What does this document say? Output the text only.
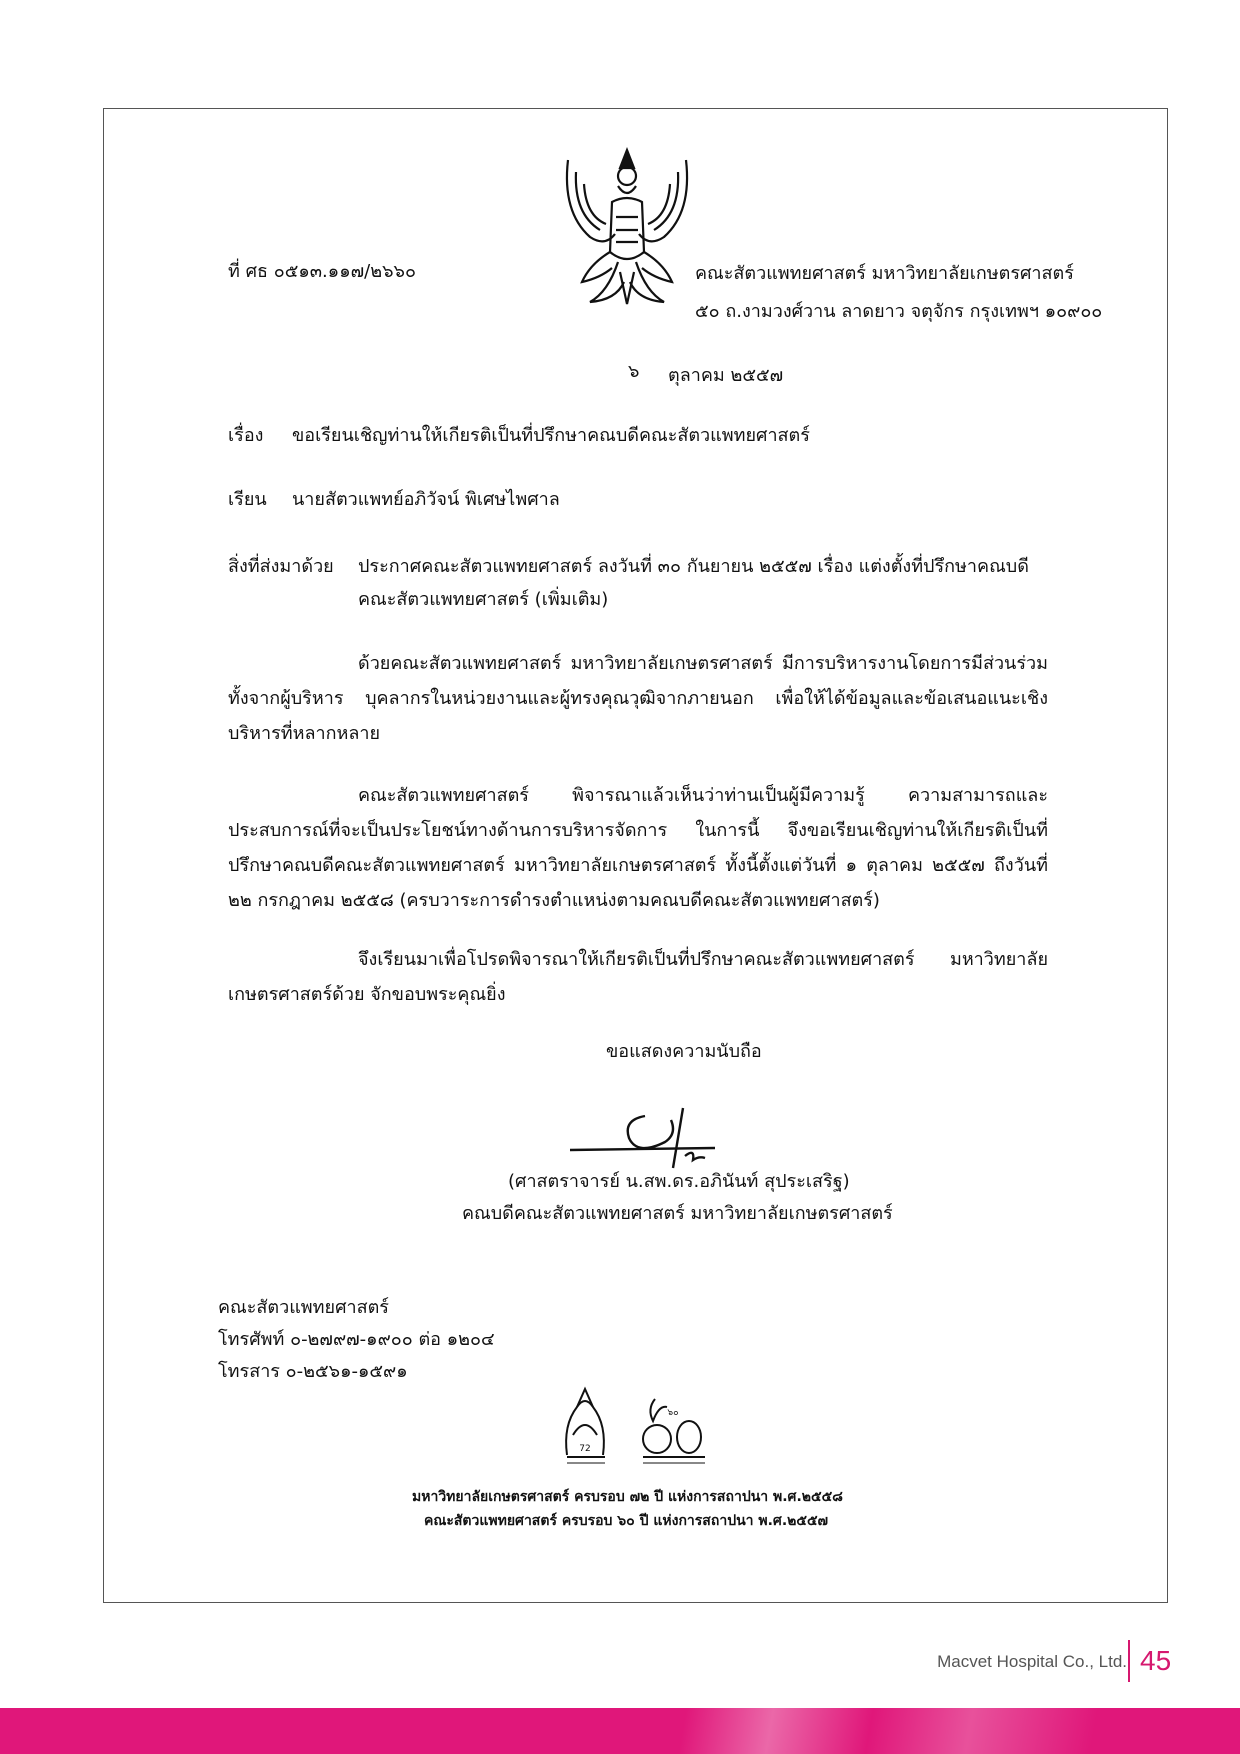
ที่ ศธ ๐๕๑๓.๑๑๗/๒๖๖๐	คณะสัตวแพทยศาสตร์ มหาวิทยาลัยเกษตรศาสตร์
๕๐ ถ.งามวงศ์วาน ลาดยาว จตุจักร กรุงเทพฯ ๑๐๙๐๐
๖ ตุลาคม ๒๕๕๗
เรื่อง ขอเรียนเชิญท่านให้เกียรติเป็นที่ปรึกษาคณบดีคณะสัตวแพทยศาสตร์
เรียน นายสัตวแพทย์อภิวัจน์ พิเศษไพศาล
สิ่งที่ส่งมาด้วย ประกาศคณะสัตวแพทยศาสตร์ ลงวันที่ ๓๐ กันยายน ๒๕๕๗ เรื่อง แต่งตั้งที่ปรึกษาคณบดี
คณะสัตวแพทยศาสตร์ (เพิ่มเติม)
ด้วยคณะสัตวแพทยศาสตร์ มหาวิทยาลัยเกษตรศาสตร์ มีการบริหารงานโดยการมีส่วนร่วมทั้งจากผู้บริหาร บุคลากรในหน่วยงานและผู้ทรงคุณวุฒิจากภายนอก เพื่อให้ได้ข้อมูลและข้อเสนอแนะเชิงบริหารที่หลากหลาย
คณะสัตวแพทยศาสตร์ พิจารณาแล้วเห็นว่าท่านเป็นผู้มีความรู้ ความสามารถและประสบการณ์ที่จะเป็นประโยชน์ทางด้านการบริหารจัดการ ในการนี้ จึงขอเรียนเชิญท่านให้เกียรติเป็นที่ปรึกษาคณบดีคณะสัตวแพทยศาสตร์ มหาวิทยาลัยเกษตรศาสตร์ ทั้งนี้ตั้งแต่วันที่ ๑ ตุลาคม ๒๕๕๗ ถึงวันที่ ๒๒ กรกฎาคม ๒๕๕๘ (ครบวาระการดำรงตำแหน่งตามคณบดีคณะสัตวแพทยศาสตร์)
จึงเรียนมาเพื่อโปรดพิจารณาให้เกียรติเป็นที่ปรึกษาคณะสัตวแพทยศาสตร์ มหาวิทยาลัยเกษตรศาสตร์ด้วย จักขอบพระคุณยิ่ง
ขอแสดงความนับถือ
(ศาสตราจารย์ น.สพ.ดร.อภินันท์ สุประเสริฐ)
คณบดีคณะสัตวแพทยศาสตร์ มหาวิทยาลัยเกษตรศาสตร์
คณะสัตวแพทยศาสตร์
โทรศัพท์ ๐-๒๗๙๗-๑๙๐๐ ต่อ ๑๒๐๔
โทรสาร ๐-๒๕๖๑-๑๕๙๑
72
๖๐
มหาวิทยาลัยเกษตรศาสตร์ ครบรอบ ๗๒ ปี แห่งการสถาปนา พ.ศ.๒๕๕๘
คณะสัตวแพทยศาสตร์ ครบรอบ ๖๐ ปี แห่งการสถาปนา พ.ศ.๒๕๕๗
Macvet Hospital Co., Ltd. 45
